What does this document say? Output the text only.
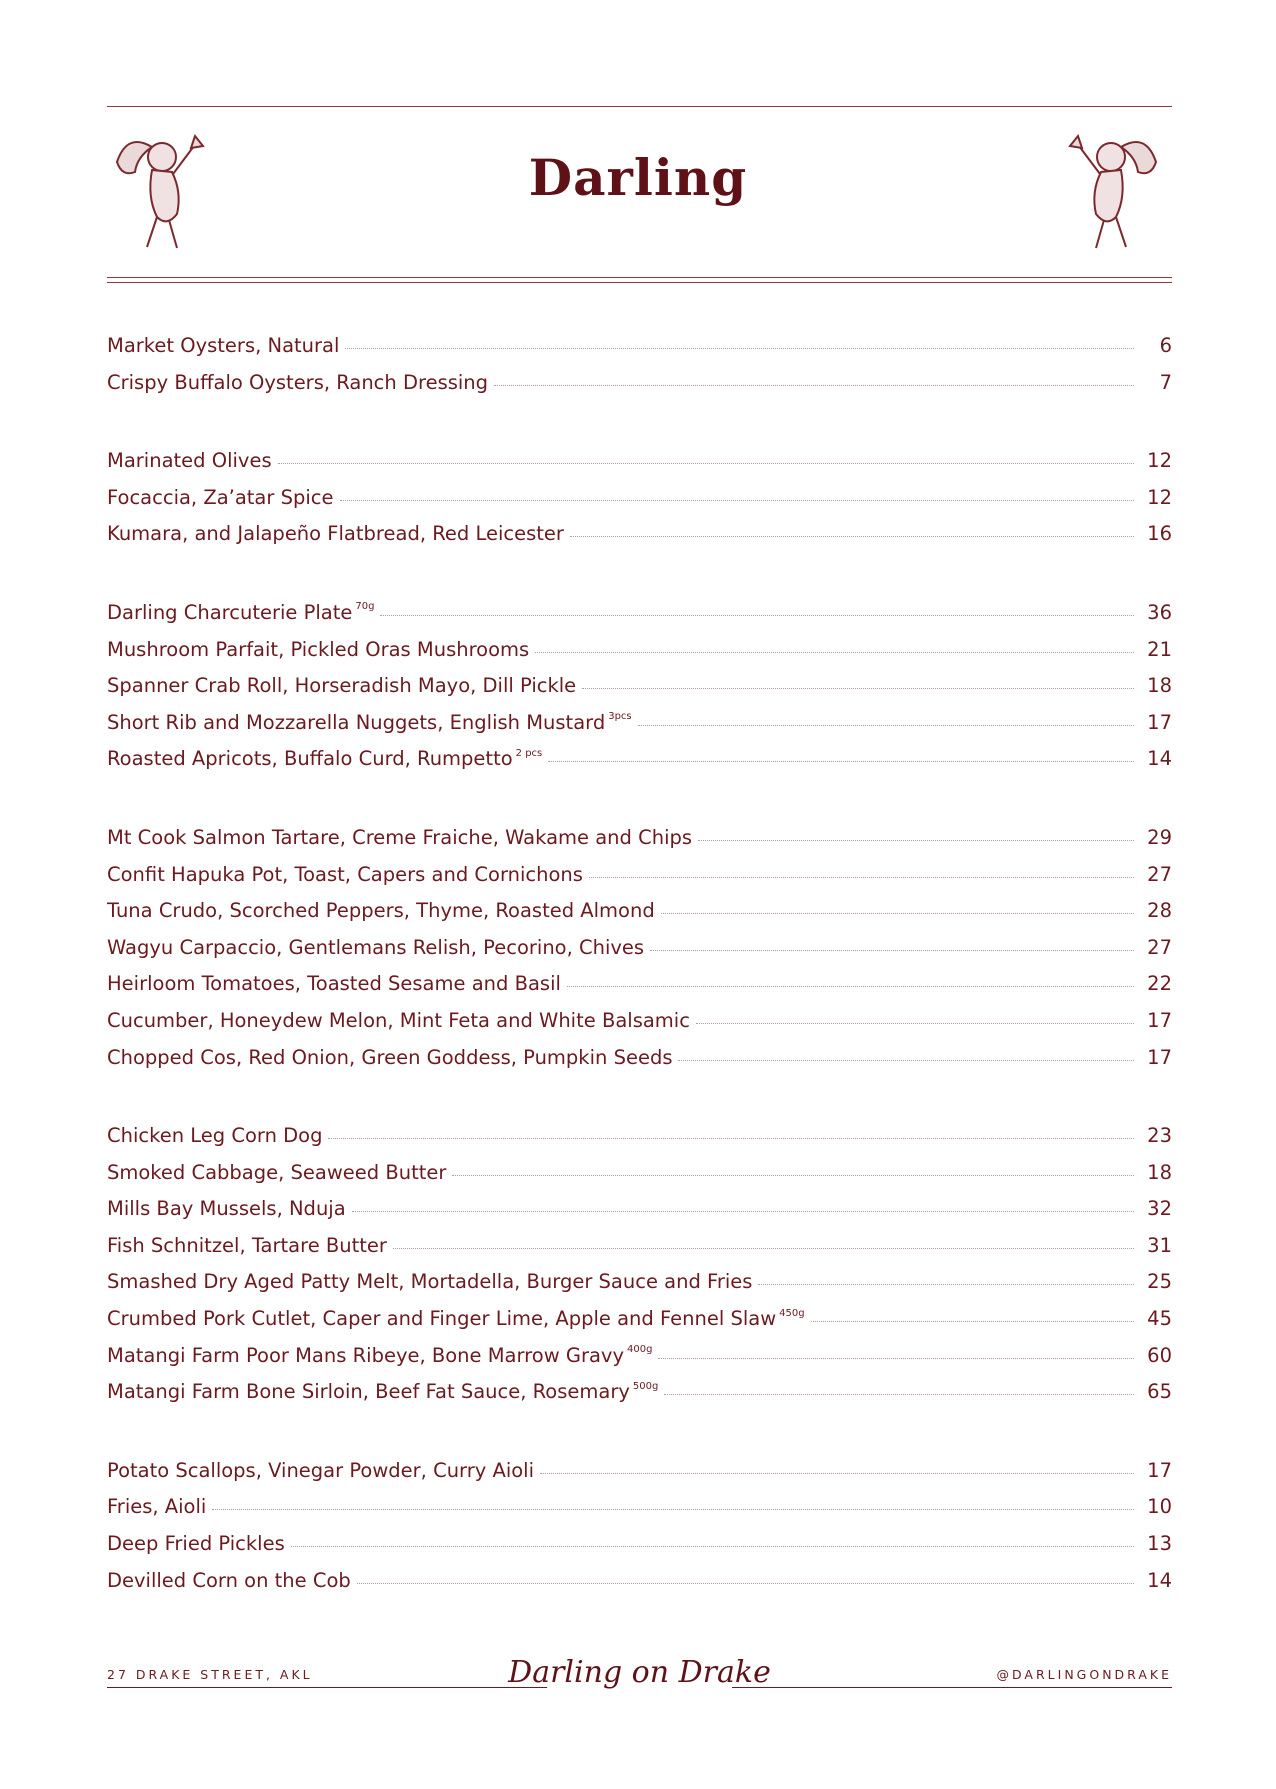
Darling
Market Oysters, Natural	6
Crispy Buffalo Oysters, Ranch Dressing	7
Marinated Olives	12
Focaccia, Za’atar Spice	12
Kumara, and Jalapeño Flatbread, Red Leicester	16
Darling Charcuterie Plate $^{70g}$	36
Mushroom Parfait, Pickled Oras Mushrooms	21
Spanner Crab Roll, Horseradish Mayo, Dill Pickle	18
Short Rib and Mozzarella Nuggets, English Mustard $^{3pcs}$	17
Roasted Apricots, Buffalo Curd, Rumpetto $^{2 pcs}$	14
Mt Cook Salmon Tartare, Creme Fraiche, Wakame and Chips	29
Confit Hapuka Pot, Toast, Capers and Cornichons	27
Tuna Crudo, Scorched Peppers, Thyme, Roasted Almond	28
Wagyu Carpaccio, Gentlemans Relish, Pecorino, Chives	27
Heirloom Tomatoes, Toasted Sesame and Basil	22
Cucumber, Honeydew Melon, Mint Feta and White Balsamic	17
Chopped Cos, Red Onion, Green Goddess, Pumpkin Seeds	17
Chicken Leg Corn Dog	23
Smoked Cabbage, Seaweed Butter	18
Mills Bay Mussels, Nduja	32
Fish Schnitzel, Tartare Butter	31
Smashed Dry Aged Patty Melt, Mortadella, Burger Sauce and Fries	25
Crumbed Pork Cutlet, Caper and Finger Lime, Apple and Fennel Slaw $^{450g}$	45
Matangi Farm Poor Mans Ribeye, Bone Marrow Gravy $^{400g}$	60
Matangi Farm Bone Sirloin, Beef Fat Sauce, Rosemary $^{500g}$	65
Potato Scallops, Vinegar Powder, Curry Aioli	17
Fries, Aioli	10
Deep Fried Pickles	13
Devilled Corn on the Cob	14
27 DRAKE STREET, AKL	Darling on Drake	@DARLINGONDRAKE
